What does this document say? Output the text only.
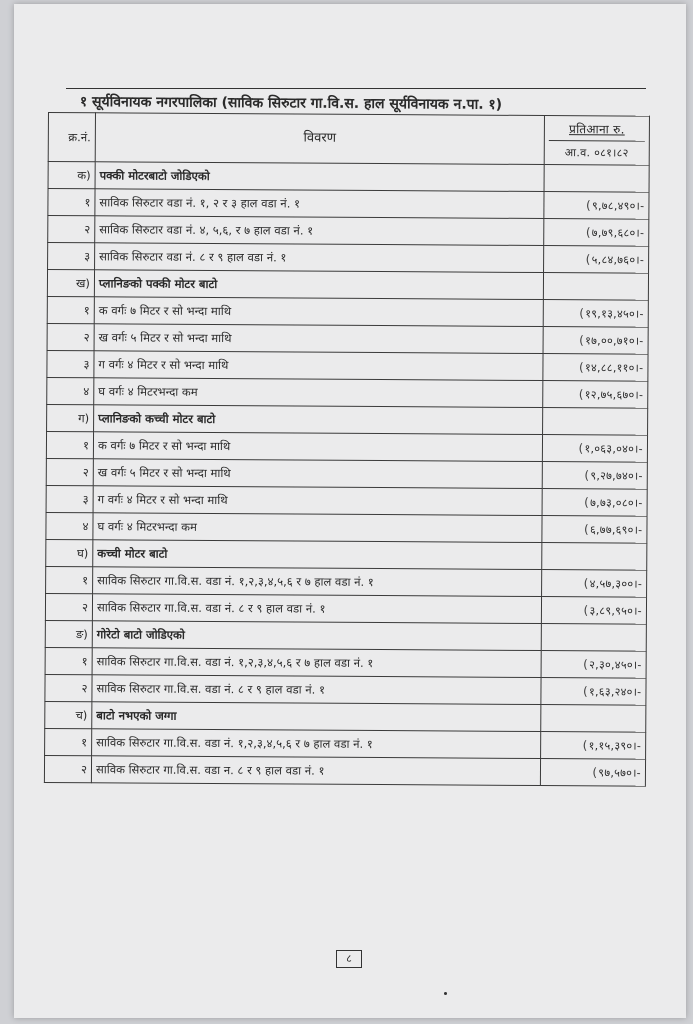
१ सूर्यविनायक नगरपालिका (साविक सिरुटार गा.वि.स. हाल सूर्यविनायक न.पा. १)
क्र.नं.	विवरण	प्रतिआना रु.
आ.व. ०८१।८२

क)	पक्की मोटरबाटो जोडिएको	
१	साविक सिरुटार वडा नं. १, २ र ३ हाल वडा नं. १	(९,७८,४९०।-
२	साविक सिरुटार वडा नं. ४, ५,६, र ७ हाल वडा नं. १	(७,७९,६८०।-
३	साविक सिरुटार वडा नं. ८ र ९ हाल वडा नं. १	(५,८४,७६०।-
ख)	प्लानिङको पक्की मोटर बाटो	
१	क वर्गः ७ मिटर र सो भन्दा माथि	(१९,१३,४५०।-
२	ख वर्गः ५ मिटर र सो भन्दा माथि	(१७,००,७१०।-
३	ग वर्गः ४ मिटर र सो भन्दा माथि	(१४,८८,११०।-
४	घ वर्गः ४ मिटरभन्दा कम	(१२,७५,६७०।-
ग)	प्लानिङको कच्ची मोटर बाटो	
१	क वर्गः ७ मिटर र सो भन्दा माथि	(१,०६३,०४०।-
२	ख वर्गः ५ मिटर र सो भन्दा माथि	(९,२७,७४०।-
३	ग वर्गः ४ मिटर र सो भन्दा माथि	(७,७३,०८०।-
४	घ वर्गः ४ मिटरभन्दा कम	(६,७७,६९०।-
घ)	कच्ची मोटर बाटो	
१	साविक सिरुटार गा.वि.स. वडा नं. १,२,३,४,५,६ र ७ हाल वडा नं. १	(४,५७,३००।-
२	साविक सिरुटार गा.वि.स. वडा नं. ८ र ९ हाल वडा नं. १	(३,८९,९५०।-
ङ)	गोरेटो बाटो जोडिएको	
१	साविक सिरुटार गा.वि.स. वडा नं. १,२,३,४,५,६ र ७ हाल वडा नं. १	(२,३०,४५०।-
२	साविक सिरुटार गा.वि.स. वडा नं. ८ र ९ हाल वडा नं. १	(१,६३,२४०।-
च)	बाटो नभएको जग्गा	
१	साविक सिरुटार गा.वि.स. वडा नं. १,२,३,४,५,६ र ७ हाल वडा नं. १	(१,१५,३९०।-
२	साविक सिरुटार गा.वि.स. वडा न. ८ र ९ हाल वडा नं. १	(९७,५७०।-
८
